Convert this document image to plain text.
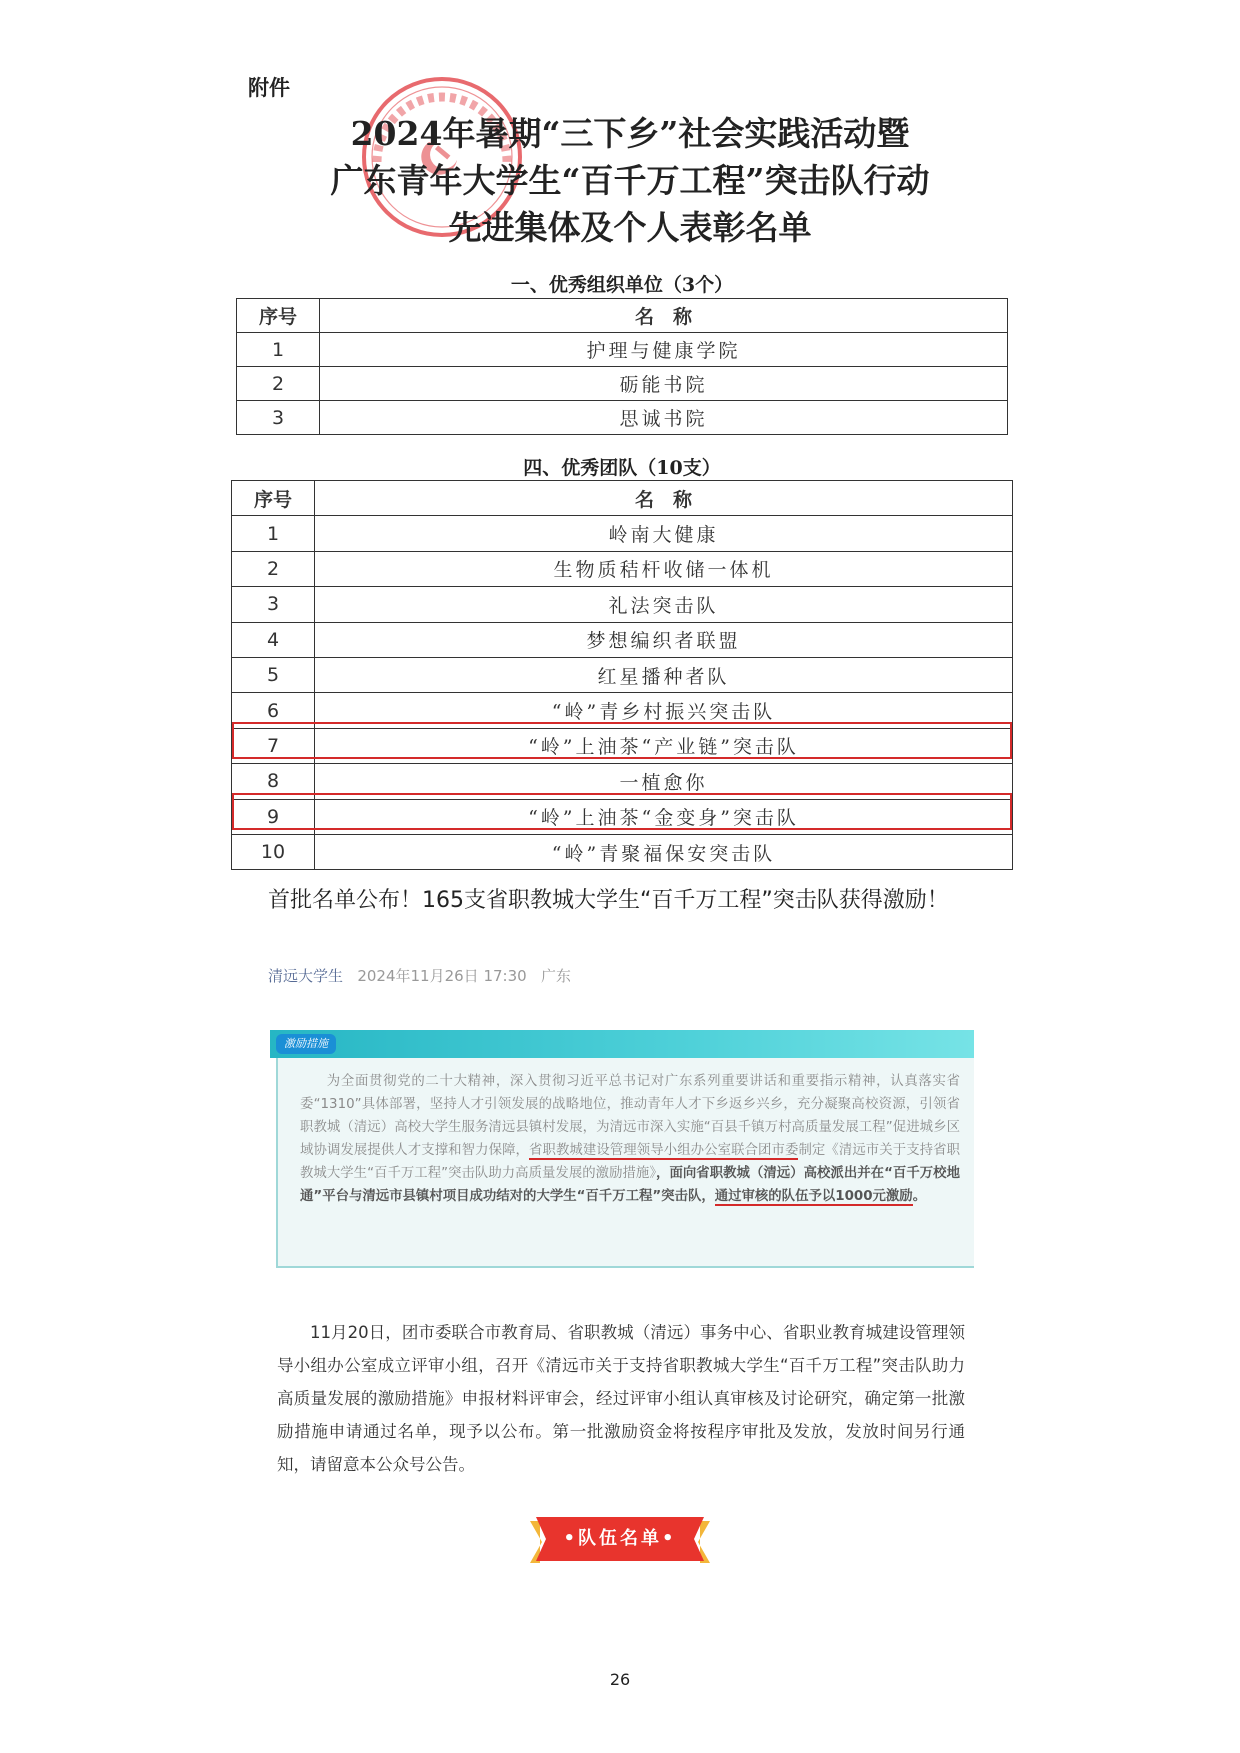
附件
2024年暑期“三下乡”社会实践活动暨
广东青年大学生“百千万工程”突击队行动
先进集体及个人表彰名单
一、优秀组织单位（3个）
序号	名　称
1	护理与健康学院
2	砺能书院
3	思诚书院
四、优秀团队（10支）
序号	名　称
1	岭南大健康
2	生物质秸杆收储一体机
3	礼法突击队
4	梦想编织者联盟
5	红星播种者队
6	“岭”青乡村振兴突击队
7	“岭”上油茶“产业链”突击队
8	一植愈你
9	“岭”上油茶“金变身”突击队
10	“岭”青聚福保安突击队
首批名单公布！165支省职教城大学生“百千万工程”突击队获得激励！
清远大学生 2024年11月26日 17:30 广东
激励措施
为全面贯彻党的二十大精神，深入贯彻习近平总书记对广东系列重要讲话和重要指示精神，认真落实省委“1310”具体部署，坚持人才引领发展的战略地位，推动青年人才下乡返乡兴乡，充分凝聚高校资源，引领省职教城（清远）高校大学生服务清远县镇村发展，为清远市深入实施“百县千镇万村高质量发展工程”促进城乡区域协调发展提供人才支撑和智力保障，省职教城建设管理领导小组办公室联合团市委制定《清远市关于支持省职教城大学生“百千万工程”突击队助力高质量发展的激励措施》，面向省职教城（清远）高校派出并在“百千万校地通”平台与清远市县镇村项目成功结对的大学生“百千万工程”突击队，通过审核的队伍予以1000元激励。
11月20日，团市委联合市教育局、省职教城（清远）事务中心、省职业教育城建设管理领导小组办公室成立评审小组，召开《清远市关于支持省职教城大学生“百千万工程”突击队助力高质量发展的激励措施》申报材料评审会，经过评审小组认真审核及讨论研究，确定第一批激励措施申请通过名单，现予以公布。第一批激励资金将按程序审批及发放，发放时间另行通知，请留意本公众号公告。
•队伍名单•
26
